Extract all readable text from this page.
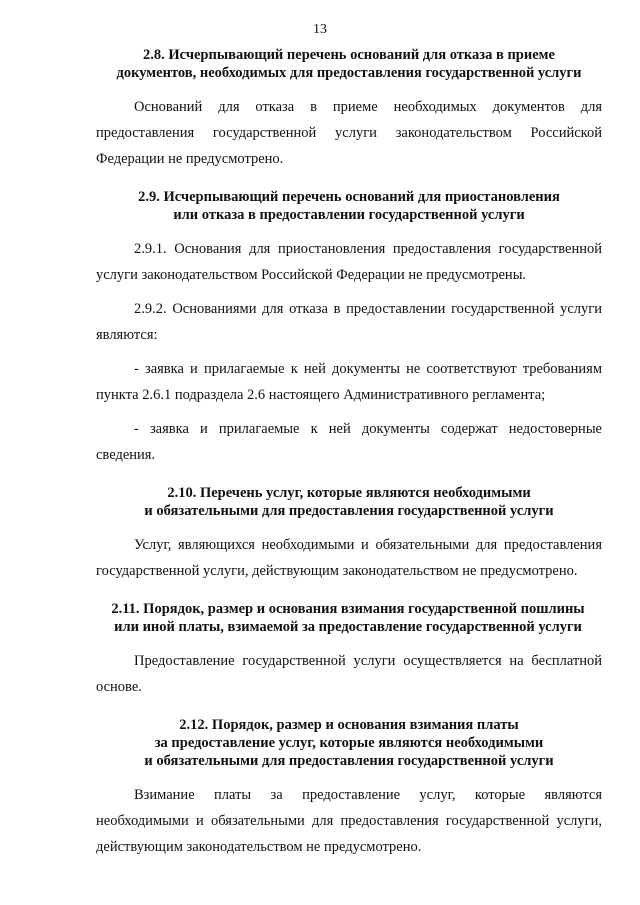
13
2.8. Исчерпывающий перечень оснований для отказа в приеме
документов, необходимых для предоставления государственной услуги

Оснований для отказа в приеме необходимых документов для предоставления государственной услуги законодательством Российской Федерации не предусмотрено.

2.9. Исчерпывающий перечень оснований для приостановления
или отказа в предоставлении государственной услуги

2.9.1. Основания для приостановления предоставления государственной услуги законодательством Российской Федерации не предусмотрены.

2.9.2. Основаниями для отказа в предоставлении государственной услуги являются:

- заявка и прилагаемые к ней документы не соответствуют требованиям пункта 2.6.1 подраздела 2.6 настоящего Административного регламента;

- заявка и прилагаемые к ней документы содержат недостоверные сведения.

2.10. Перечень услуг, которые являются необходимыми
и обязательными для предоставления государственной услуги

Услуг, являющихся необходимыми и обязательными для предоставления государственной услуги, действующим законодательством не предусмотрено.

2.11. Порядок, размер и основания взимания государственной пошлины
или иной платы, взимаемой за предоставление государственной услуги

Предоставление государственной услуги осуществляется на бесплатной основе.

2.12. Порядок, размер и основания взимания платы
за предоставление услуг, которые являются необходимыми
и обязательными для предоставления государственной услуги

Взимание платы за предоставление услуг, которые являются необходимыми и обязательными для предоставления государственной услуги, действующим законодательством не предусмотрено.
